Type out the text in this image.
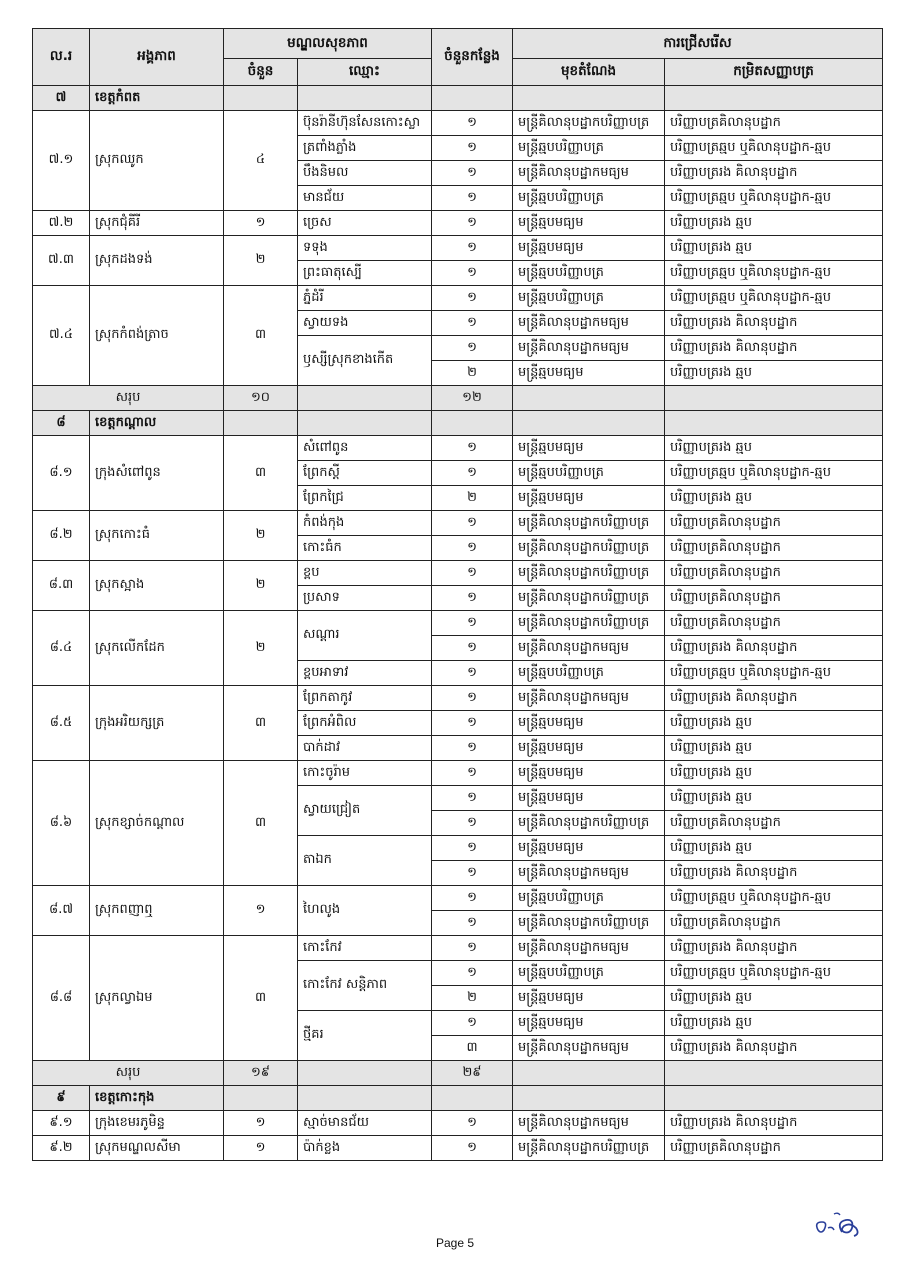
ល.រ	អង្គភាព	មណ្ឌលសុខភាព		ចំនួនកន្លែង	ការជ្រើសរើស	
		ចំនួន	ឈ្មោះ		មុខតំណែង	កម្រិតសញ្ញាបត្រ
៧	ខេត្តកំពត					
៧.១	ស្រុកឈូក	៤	ប៊ុនរ៉ានីហ៊ុនសែនកោះស្លា	១	មន្ត្រីគិលានុបដ្ឋាកបរិញ្ញាបត្រ	បរិញ្ញាបត្រគិលានុបដ្ឋាក
			ត្រពាំងភ្លាំង	១	មន្ត្រីឆ្មបបរិញ្ញាបត្រ	បរិញ្ញាបត្រឆ្មប ឬគិលានុបដ្ឋាក-ឆ្មប
			បឹងនិមល	១	មន្ត្រីគិលានុបដ្ឋាកមធ្យម	បរិញ្ញាបត្ររង គិលានុបដ្ឋាក
			មានជ័យ	១	មន្ត្រីឆ្មបបរិញ្ញាបត្រ	បរិញ្ញាបត្រឆ្មប ឬគិលានុបដ្ឋាក-ឆ្មប
៧.២	ស្រុកជុំគីរី	១	ច្រេស	១	មន្ត្រីឆ្មបមធ្យម	បរិញ្ញាបត្ររង ឆ្មប
៧.៣	ស្រុកដងទង់	២	ទទុង	១	មន្ត្រីឆ្មបមធ្យម	បរិញ្ញាបត្ររង ឆ្មប
			ព្រះធាតុស្បើ	១	មន្ត្រីឆ្មបបរិញ្ញាបត្រ	បរិញ្ញាបត្រឆ្មប ឬគិលានុបដ្ឋាក-ឆ្មប
៧.៤	ស្រុកកំពង់ត្រាច	៣	ភ្នំដំរី	១	មន្ត្រីឆ្មបបរិញ្ញាបត្រ	បរិញ្ញាបត្រឆ្មប ឬគិលានុបដ្ឋាក-ឆ្មប
			ស្វាយទង	១	មន្ត្រីគិលានុបដ្ឋាកមធ្យម	បរិញ្ញាបត្ររង គិលានុបដ្ឋាក
			ឫស្សីស្រុកខាងកើត	១	មន្ត្រីគិលានុបដ្ឋាកមធ្យម	បរិញ្ញាបត្ររង គិលានុបដ្ឋាក
				២	មន្ត្រីឆ្មបមធ្យម	បរិញ្ញាបត្ររង ឆ្មប
សរុប		១០		១២		
៨	ខេត្តកណ្ដាល					
៨.១	ក្រុងសំពៅពូន	៣	សំពៅពូន	១	មន្ត្រីឆ្មបមធ្យម	បរិញ្ញាបត្ររង ឆ្មប
			ព្រែកស្ដី	១	មន្ត្រីឆ្មបបរិញ្ញាបត្រ	បរិញ្ញាបត្រឆ្មប ឬគិលានុបដ្ឋាក-ឆ្មប
			ព្រែកជ្រៃ	២	មន្ត្រីឆ្មបមធ្យម	បរិញ្ញាបត្ររង ឆ្មប
៨.២	ស្រុកកោះធំ	២	កំពង់កុង	១	មន្ត្រីគិលានុបដ្ឋាកបរិញ្ញាបត្រ	បរិញ្ញាបត្រគិលានុបដ្ឋាក
			កោះធំក	១	មន្ត្រីគិលានុបដ្ឋាកបរិញ្ញាបត្រ	បរិញ្ញាបត្រគិលានុបដ្ឋាក
៨.៣	ស្រុកស្អាង	២	ខ្ពប	១	មន្ត្រីគិលានុបដ្ឋាកបរិញ្ញាបត្រ	បរិញ្ញាបត្រគិលានុបដ្ឋាក
			ប្រសាទ	១	មន្ត្រីគិលានុបដ្ឋាកបរិញ្ញាបត្រ	បរិញ្ញាបត្រគិលានុបដ្ឋាក
៨.៤	ស្រុកលើកដែក	២	សណ្ដារ	១	មន្ត្រីគិលានុបដ្ឋាកបរិញ្ញាបត្រ	បរិញ្ញាបត្រគិលានុបដ្ឋាក
				១	មន្ត្រីគិលានុបដ្ឋាកមធ្យម	បរិញ្ញាបត្ររង គិលានុបដ្ឋាក
			ខ្ពបអាទាវ	១	មន្ត្រីឆ្មបបរិញ្ញាបត្រ	បរិញ្ញាបត្រឆ្មប ឬគិលានុបដ្ឋាក-ឆ្មប
៨.៥	ក្រុងអរិយក្សត្រ	៣	ព្រែកតាកូវ	១	មន្ត្រីគិលានុបដ្ឋាកមធ្យម	បរិញ្ញាបត្ររង គិលានុបដ្ឋាក
			ព្រែកអំពិល	១	មន្ត្រីឆ្មបមធ្យម	បរិញ្ញាបត្ររង ឆ្មប
			បាក់ដាវ	១	មន្ត្រីឆ្មបមធ្យម	បរិញ្ញាបត្ររង ឆ្មប
៨.៦	ស្រុកខ្សាច់កណ្ដាល	៣	កោះចូរ៉ាម	១	មន្ត្រីឆ្មបមធ្យម	បរិញ្ញាបត្ររង ឆ្មប
			ស្វាយជ្រៀត	១	មន្ត្រីឆ្មបមធ្យម	បរិញ្ញាបត្ររង ឆ្មប
				១	មន្ត្រីគិលានុបដ្ឋាកបរិញ្ញាបត្រ	បរិញ្ញាបត្រគិលានុបដ្ឋាក
			តាឯក	១	មន្ត្រីឆ្មបមធ្យម	បរិញ្ញាបត្ររង ឆ្មប
				១	មន្ត្រីគិលានុបដ្ឋាកមធ្យម	បរិញ្ញាបត្ររង គិលានុបដ្ឋាក
៨.៧	ស្រុកពញាឮ	១	ហៃលូង	១	មន្ត្រីឆ្មបបរិញ្ញាបត្រ	បរិញ្ញាបត្រឆ្មប ឬគិលានុបដ្ឋាក-ឆ្មប
				១	មន្ត្រីគិលានុបដ្ឋាកបរិញ្ញាបត្រ	បរិញ្ញាបត្រគិលានុបដ្ឋាក
៨.៨	ស្រុកល្វាឯម	៣	កោះកែវ	១	មន្ត្រីគិលានុបដ្ឋាកមធ្យម	បរិញ្ញាបត្ររង គិលានុបដ្ឋាក
			កោះកែវ សន្តិភាព	១	មន្ត្រីឆ្មបបរិញ្ញាបត្រ	បរិញ្ញាបត្រឆ្មប ឬគិលានុបដ្ឋាក-ឆ្មប
				២	មន្ត្រីឆ្មបមធ្យម	បរិញ្ញាបត្ររង ឆ្មប
			ថ្មីគរ	១	មន្ត្រីឆ្មបមធ្យម	បរិញ្ញាបត្ររង ឆ្មប
				៣	មន្ត្រីគិលានុបដ្ឋាកមធ្យម	បរិញ្ញាបត្ររង គិលានុបដ្ឋាក
សរុប		១៩		២៩		
៩	ខេត្តកោះកុង					
៩.១	ក្រុងខេមរភូមិន្ទ	១	ស្មាច់មានជ័យ	១	មន្ត្រីគិលានុបដ្ឋាកមធ្យម	បរិញ្ញាបត្ររង គិលានុបដ្ឋាក
៩.២	ស្រុកមណ្ឌលសីមា	១	ប៉ាក់ខ្លង	១	មន្ត្រីគិលានុបដ្ឋាកបរិញ្ញាបត្រ	បរិញ្ញាបត្រគិលានុបដ្ឋាក
Page 5
